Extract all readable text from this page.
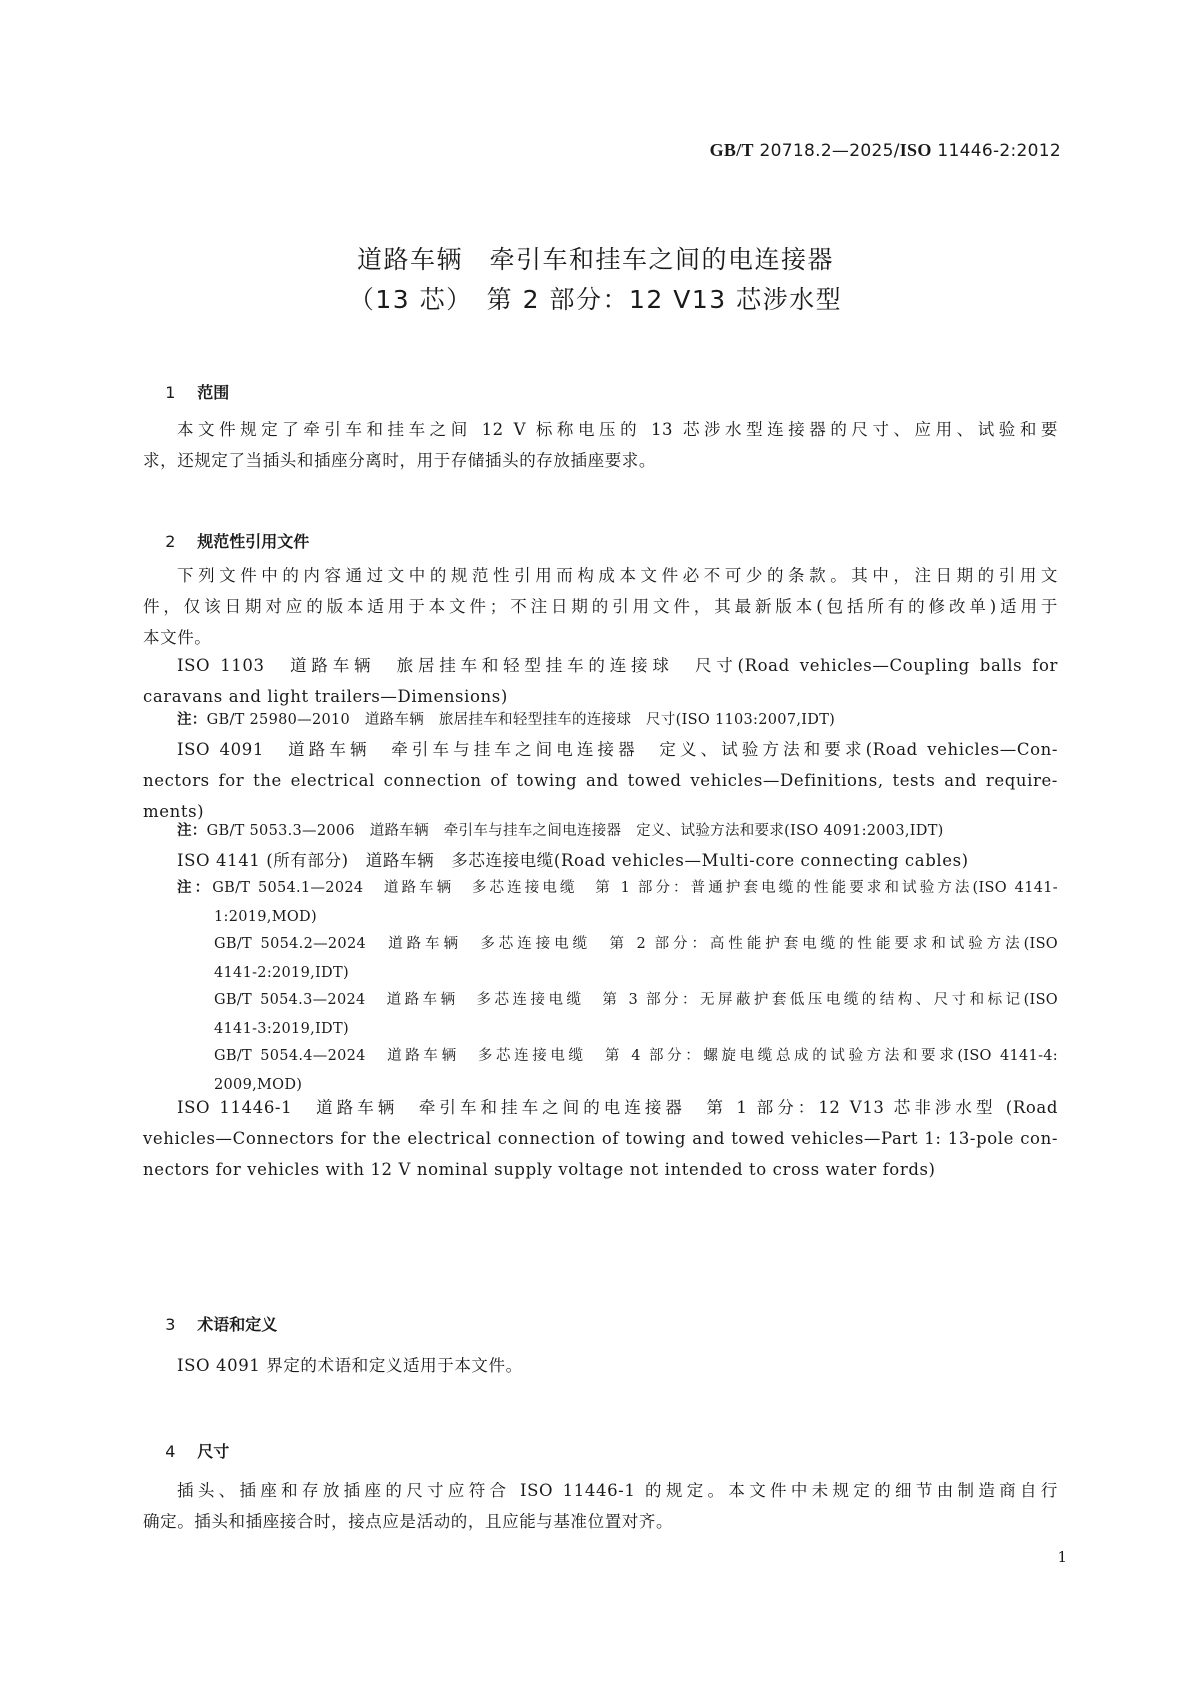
GB/T 20718.2—2025/ISO 11446-2:2012
道路车辆　牵引车和挂车之间的电连接器
（13 芯）　第 2 部分：12 V13 芯涉水型

1 范围

本文件规定了牵引车和挂车之间 12 V 标称电压的 13 芯涉水型连接器的尺寸、应用、试验和要
求，还规定了当插头和插座分离时，用于存储插头的存放插座要求。

2 规范性引用文件

下列文件中的内容通过文中的规范性引用而构成本文件必不可少的条款。其中，注日期的引用文
件，仅该日期对应的版本适用于本文件；不注日期的引用文件，其最新版本(包括所有的修改单)适用于
本文件。
ISO 1103　道路车辆　旅居挂车和轻型挂车的连接球　尺寸(Road vehicles—Coupling balls for
caravans and light trailers—Dimensions)
注：GB/T 25980—2010　道路车辆　旅居挂车和轻型挂车的连接球　尺寸(ISO 1103:2007,IDT)
ISO 4091　道路车辆　牵引车与挂车之间电连接器　定义、试验方法和要求(Road vehicles—Con-
nectors for the electrical connection of towing and towed vehicles—Definitions, tests and require-
ments)
注：GB/T 5053.3—2006　道路车辆　牵引车与挂车之间电连接器　定义、试验方法和要求(ISO 4091:2003,IDT)
ISO 4141 (所有部分)　道路车辆　多芯连接电缆(Road vehicles—Multi-core connecting cables)
注：GB/T 5054.1—2024　道路车辆　多芯连接电缆　第 1 部分：普通护套电缆的性能要求和试验方法(ISO 4141-
1:2019,MOD)
GB/T 5054.2—2024　道路车辆　多芯连接电缆　第 2 部分：高性能护套电缆的性能要求和试验方法(ISO
4141-2:2019,IDT)
GB/T 5054.3—2024　道路车辆　多芯连接电缆　第 3 部分：无屏蔽护套低压电缆的结构、尺寸和标记(ISO
4141-3:2019,IDT)
GB/T 5054.4—2024　道路车辆　多芯连接电缆　第 4 部分：螺旋电缆总成的试验方法和要求(ISO 4141-4:
2009,MOD)
ISO 11446-1　道路车辆　牵引车和挂车之间的电连接器　第 1 部分：12 V13 芯非涉水型 (Road
vehicles—Connectors for the electrical connection of towing and towed vehicles—Part 1: 13-pole con-
nectors for vehicles with 12 V nominal supply voltage not intended to cross water fords)

3 术语和定义

ISO 4091 界定的术语和定义适用于本文件。

4 尺寸

插头、插座和存放插座的尺寸应符合 ISO 11446-1 的规定。本文件中未规定的细节由制造商自行
确定。插头和插座接合时，接点应是活动的，且应能与基准位置对齐。
1
